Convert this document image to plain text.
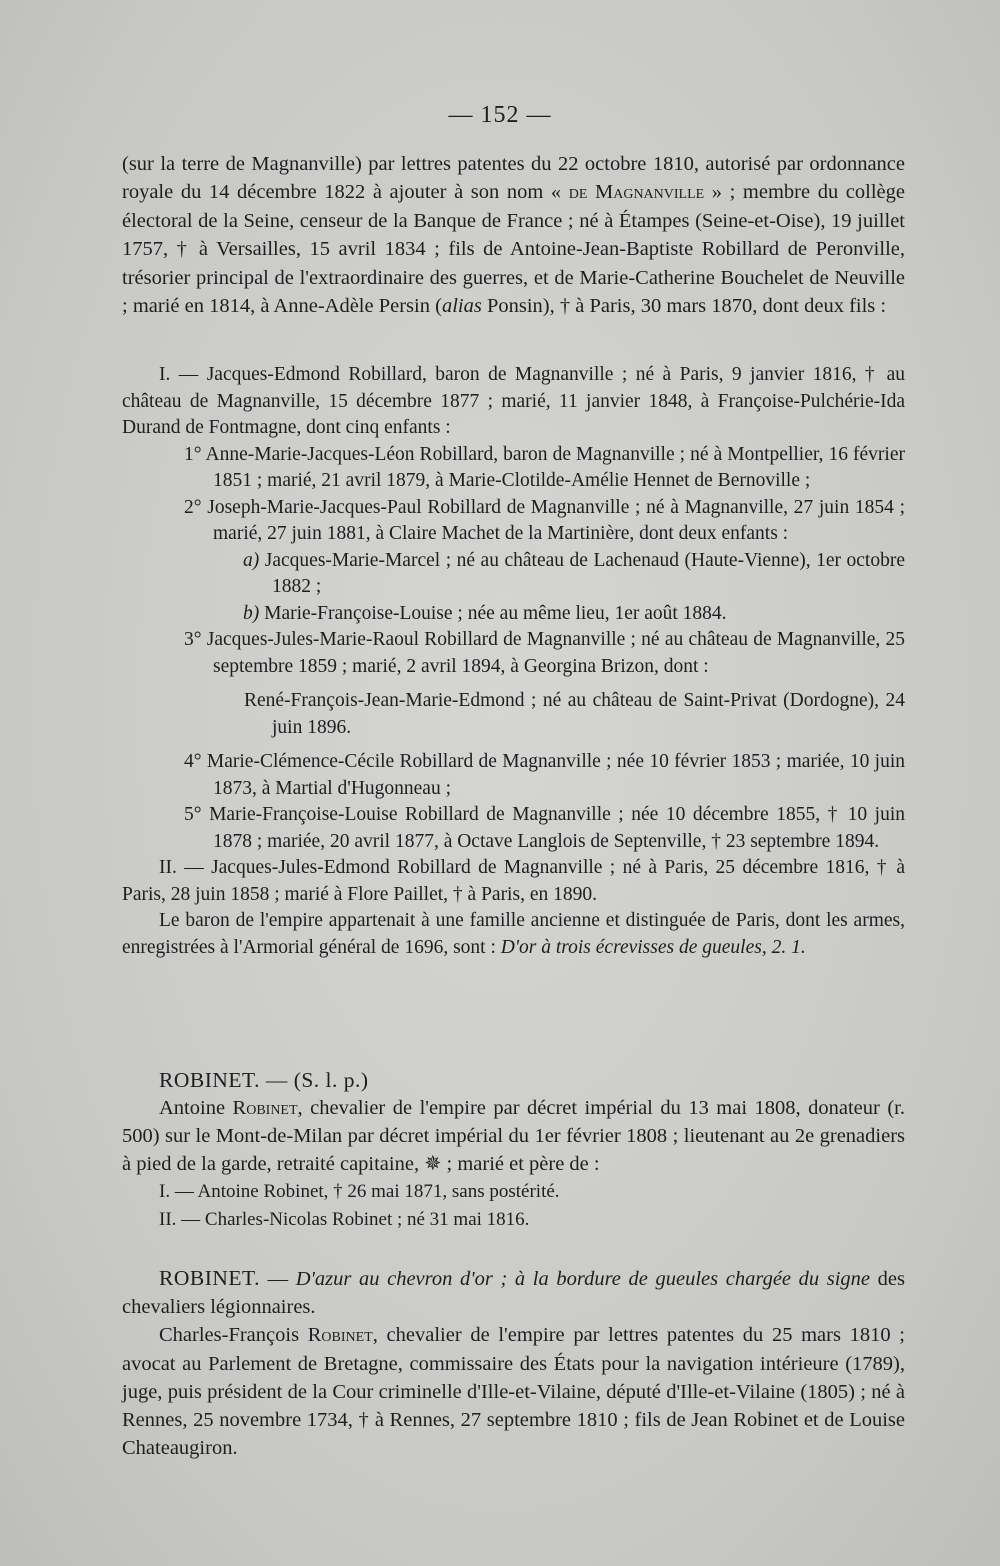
— 152 —

(sur la terre de Magnanville) par lettres patentes du 22 octobre 1810, autorisé par ordonnance royale du 14 décembre 1822 à ajouter à son nom « de Magnanville » ; membre du collège électoral de la Seine, censeur de la Banque de France ; né à Étampes (Seine-et-Oise), 19 juillet 1757, † à Versailles, 15 avril 1834 ; fils de Antoine-Jean-Baptiste Robillard de Peronville, trésorier principal de l'extraordinaire des guerres, et de Marie-Catherine Bouchelet de Neuville ; marié en 1814, à Anne-Adèle Persin (alias Ponsin), † à Paris, 30 mars 1870, dont deux fils :

I. — Jacques-Edmond Robillard, baron de Magnanville ; né à Paris, 9 janvier 1816, † au château de Magnanville, 15 décembre 1877 ; marié, 11 janvier 1848, à Françoise-Pulchérie-Ida Durand de Fontmagne, dont cinq enfants :

1° Anne-Marie-Jacques-Léon Robillard, baron de Magnanville ; né à Montpellier, 16 février 1851 ; marié, 21 avril 1879, à Marie-Clotilde-Amélie Hennet de Bernoville ;

2° Joseph-Marie-Jacques-Paul Robillard de Magnanville ; né à Magnanville, 27 juin 1854 ; marié, 27 juin 1881, à Claire Machet de la Martinière, dont deux enfants :

a) Jacques-Marie-Marcel ; né au château de Lachenaud (Haute-Vienne), 1er octobre 1882 ;

b) Marie-Françoise-Louise ; née au même lieu, 1er août 1884.

3° Jacques-Jules-Marie-Raoul Robillard de Magnanville ; né au château de Magnanville, 25 septembre 1859 ; marié, 2 avril 1894, à Georgina Brizon, dont :

René-François-Jean-Marie-Edmond ; né au château de Saint-Privat (Dordogne), 24 juin 1896.

4° Marie-Clémence-Cécile Robillard de Magnanville ; née 10 février 1853 ; mariée, 10 juin 1873, à Martial d'Hugonneau ;

5° Marie-Françoise-Louise Robillard de Magnanville ; née 10 décembre 1855, † 10 juin 1878 ; mariée, 20 avril 1877, à Octave Langlois de Septenville, † 23 septembre 1894.

II. — Jacques-Jules-Edmond Robillard de Magnanville ; né à Paris, 25 décembre 1816, † à Paris, 28 juin 1858 ; marié à Flore Paillet, † à Paris, en 1890.

Le baron de l'empire appartenait à une famille ancienne et distinguée de Paris, dont les armes, enregistrées à l'Armorial général de 1696, sont : D'or à trois écrevisses de gueules, 2. 1.

ROBINET. — (S. l. p.)

Antoine Robinet, chevalier de l'empire par décret impérial du 13 mai 1808, donateur (r. 500) sur le Mont-de-Milan par décret impérial du 1er février 1808 ; lieutenant au 2e grenadiers à pied de la garde, retraité capitaine, ✵ ; marié et père de :

I. — Antoine Robinet, † 26 mai 1871, sans postérité.

II. — Charles-Nicolas Robinet ; né 31 mai 1816.

ROBINET. — D'azur au chevron d'or ; à la bordure de gueules chargée du signe des chevaliers légionnaires.

Charles-François Robinet, chevalier de l'empire par lettres patentes du 25 mars 1810 ; avocat au Parlement de Bretagne, commissaire des États pour la navigation intérieure (1789), juge, puis président de la Cour criminelle d'Ille-et-Vilaine, député d'Ille-et-Vilaine (1805) ; né à Rennes, 25 novembre 1734, † à Rennes, 27 septembre 1810 ; fils de Jean Robinet et de Louise Chateaugiron.
